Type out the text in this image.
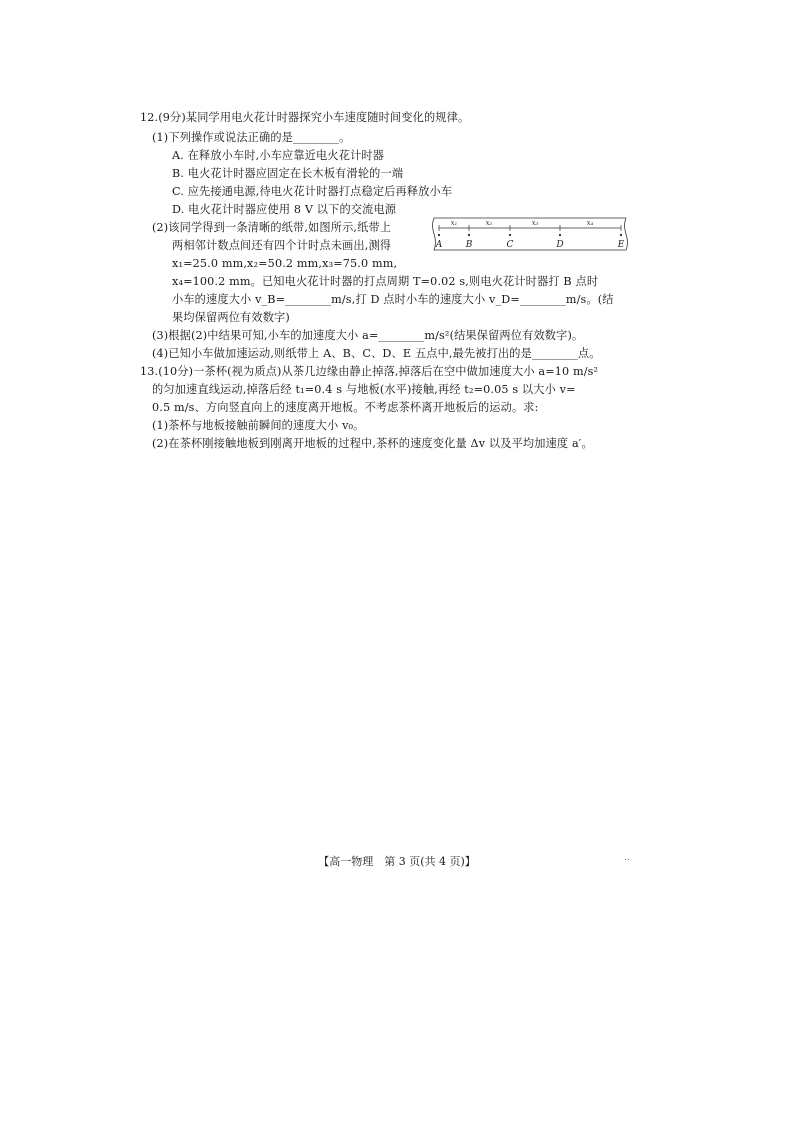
12.(9分)某同学用电火花计时器探究小车速度随时间变化的规律。
(1)下列操作或说法正确的是________。
A. 在释放小车时,小车应靠近电火花计时器
B. 电火花计时器应固定在长木板有滑轮的一端
C. 应先接通电源,待电火花计时器打点稳定后再释放小车
D. 电火花计时器应使用 8 V 以下的交流电源
(2)该同学得到一条清晰的纸带,如图所示,纸带上
两相邻计数点间还有四个计时点未画出,测得
x₁=25.0 mm,x₂=50.2 mm,x₃=75.0 mm,
x₄=100.2 mm。已知电火花计时器的打点周期 T=0.02 s,则电火花计时器打 B 点时
小车的速度大小 v_B=________m/s,打 D 点时小车的速度大小 v_D=________m/s。(结
果均保留两位有效数字)
(3)根据(2)中结果可知,小车的加速度大小 a=________m/s²(结果保留两位有效数字)。
(4)已知小车做加速运动,则纸带上 A、B、C、D、E 五点中,最先被打出的是________点。
x₁	x₂	x₃	x₄
A	B	C	D	E
13.(10分)一茶杯(视为质点)从茶几边缘由静止掉落,掉落后在空中做加速度大小 a=10 m/s²
的匀加速直线运动,掉落后经 t₁=0.4 s 与地板(水平)接触,再经 t₂=0.05 s 以大小 v=
0.5 m/s、方向竖直向上的速度离开地板。不考虑茶杯离开地板后的运动。求:
(1)茶杯与地板接触前瞬间的速度大小 v₀。
(2)在茶杯刚接触地板到刚离开地板的过程中,茶杯的速度变化量 Δv 以及平均加速度 a′。
【高一物理　第 3 页(共 4 页)】	..
